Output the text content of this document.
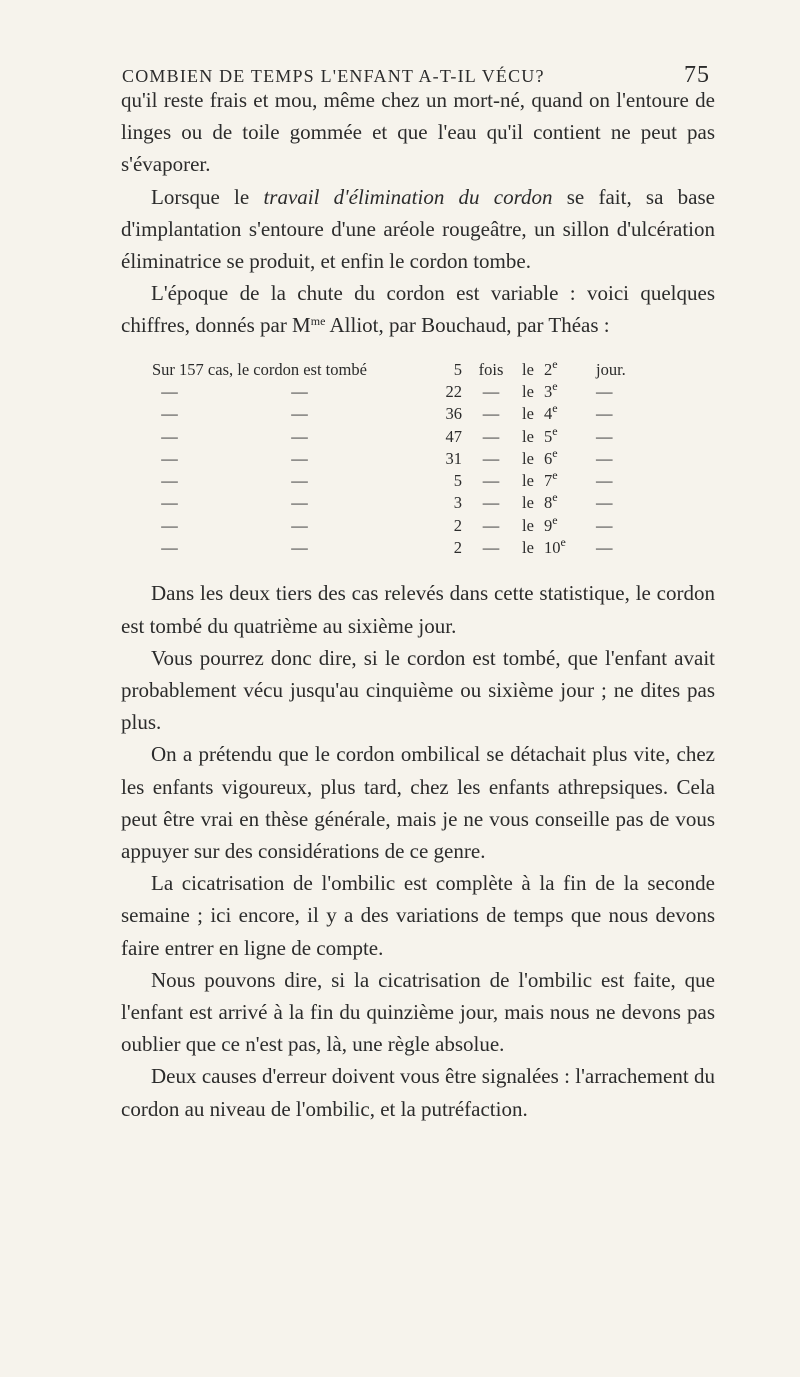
COMBIEN DE TEMPS L'ENFANT A-T-IL VÉCU?	75

qu'il reste frais et mou, même chez un mort-né, quand on l'entoure de linges ou de toile gommée et que l'eau qu'il contient ne peut pas s'évaporer.

Lorsque le travail d'élimination du cordon se fait, sa base d'implantation s'entoure d'une aréole rougeâtre, un sillon d'ulcération éliminatrice se produit, et enfin le cordon tombe.

L'époque de la chute du cordon est variable : voici quelques chiffres, donnés par $M^{me}$ Alliot, par Bouchaud, par Théas :

Sur 157 cas, le cordon est tombé	5	fois	le	2e	jour.
— —	22	—	le	3e	—
— —	36	—	le	4e	—
— —	47	—	le	5e	—
— —	31	—	le	6e	—
— —	5	—	le	7e	—
— —	3	—	le	8e	—
— —	2	—	le	9e	—
— —	2	—	le	10e	—

Dans les deux tiers des cas relevés dans cette statistique, le cordon est tombé du quatrième au sixième jour.

Vous pourrez donc dire, si le cordon est tombé, que l'enfant avait probablement vécu jusqu'au cinquième ou sixième jour ; ne dites pas plus.

On a prétendu que le cordon ombilical se détachait plus vite, chez les enfants vigoureux, plus tard, chez les enfants athrepsiques. Cela peut être vrai en thèse générale, mais je ne vous conseille pas de vous appuyer sur des considérations de ce genre.

La cicatrisation de l'ombilic est complète à la fin de la seconde semaine ; ici encore, il y a des variations de temps que nous devons faire entrer en ligne de compte.

Nous pouvons dire, si la cicatrisation de l'ombilic est faite, que l'enfant est arrivé à la fin du quinzième jour, mais nous ne devons pas oublier que ce n'est pas, là, une règle absolue.

Deux causes d'erreur doivent vous être signalées : l'arrachement du cordon au niveau de l'ombilic, et la putréfaction.
